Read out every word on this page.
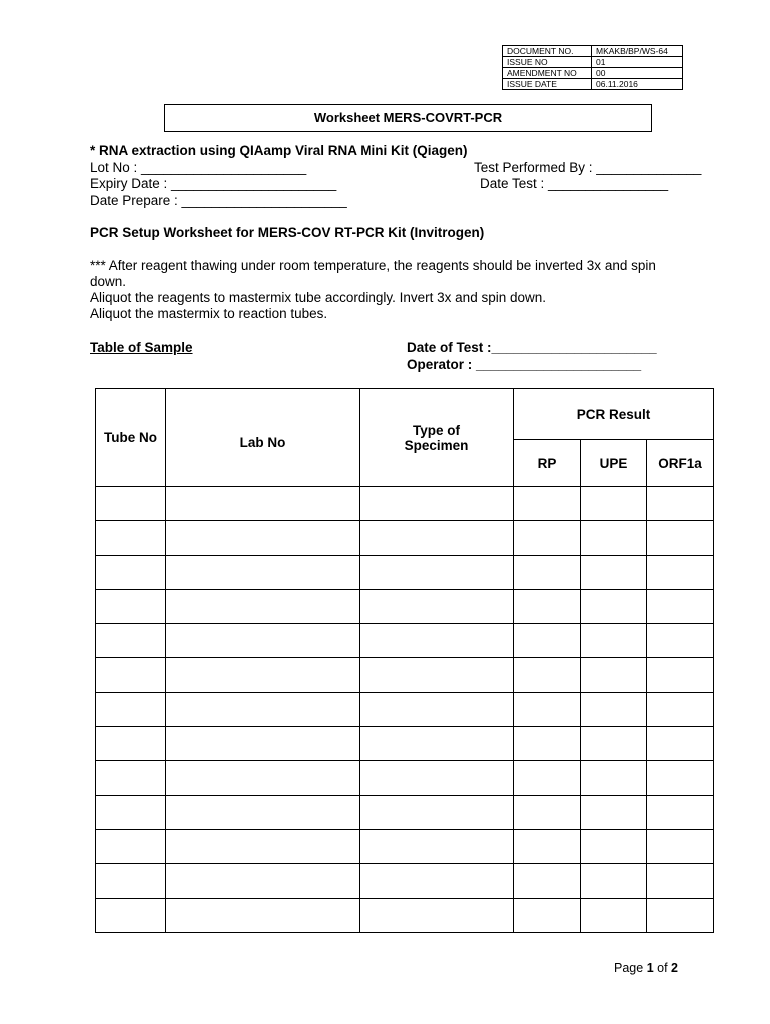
DOCUMENT NO.	MKAKB/BP/WS-64
ISSUE NO	01
AMENDMENT NO	00
ISSUE DATE	06.11.2016
Worksheet MERS-COVRT-PCR
* RNA extraction using QIAamp Viral RNA Mini Kit (Qiagen)
Lot No : ______________________
Expiry Date : ______________________
Date Prepare : ______________________
Test Performed By : ______________
Date Test : ________________
PCR Setup Worksheet for MERS-COV RT-PCR Kit (Invitrogen)
*** After reagent thawing under room temperature, the reagents should be inverted 3x and spin down.
Aliquot the reagents to mastermix tube accordingly. Invert 3x and spin down.
Aliquot the mastermix to reaction tubes.
Table of Sample	Date of Test :______________________
Operator : ______________________
Tube No	Lab No	Type of Specimen	PCR Result		
			RP	UPE	ORF1a

Page 1 of 2
